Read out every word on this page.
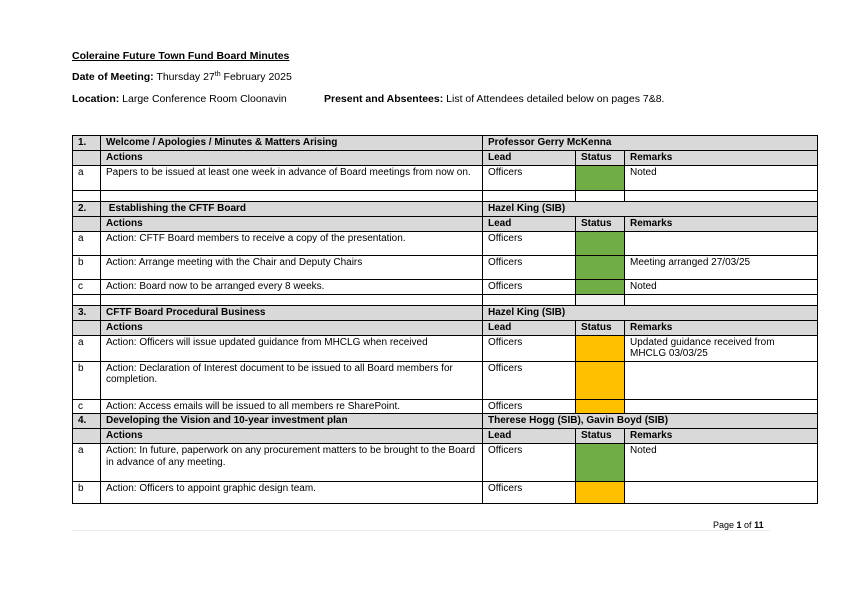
Coleraine Future Town Fund Board Minutes
Date of Meeting: Thursday 27th February 2025
Location: Large Conference Room Cloonavin	Present and Absentees: List of Attendees detailed below on pages 7&8.
1.	Welcome / Apologies / Minutes & Matters Arising	Professor Gerry McKenna		
	Actions	Lead	Status	Remarks
a	Papers to be issued at least one week in advance of Board meetings from now on.	Officers		Noted

2.	Establishing the CFTF Board	Hazel King (SIB)		
	Actions	Lead	Status	Remarks
a	Action: CFTF Board members to receive a copy of the presentation.	Officers		
b	Action: Arrange meeting with the Chair and Deputy Chairs	Officers		Meeting arranged 27/03/25
c	Action: Board now to be arranged every 8 weeks.	Officers		Noted

3.	CFTF Board Procedural Business	Hazel King (SIB)		
	Actions	Lead	Status	Remarks
a	Action: Officers will issue updated guidance from MHCLG when received	Officers		Updated guidance received from MHCLG 03/03/25
b	Action: Declaration of Interest document to be issued to all Board members for completion.	Officers		
c	Action: Access emails will be issued to all members re SharePoint.	Officers		
4.	Developing the Vision and 10-year investment plan	Therese Hogg (SIB), Gavin Boyd (SIB)		
	Actions	Lead	Status	Remarks
a	Action: In future, paperwork on any procurement matters to be brought to the Board in advance of any meeting.	Officers		Noted
b	Action: Officers to appoint graphic design team.	Officers		
Page 1 of 11
